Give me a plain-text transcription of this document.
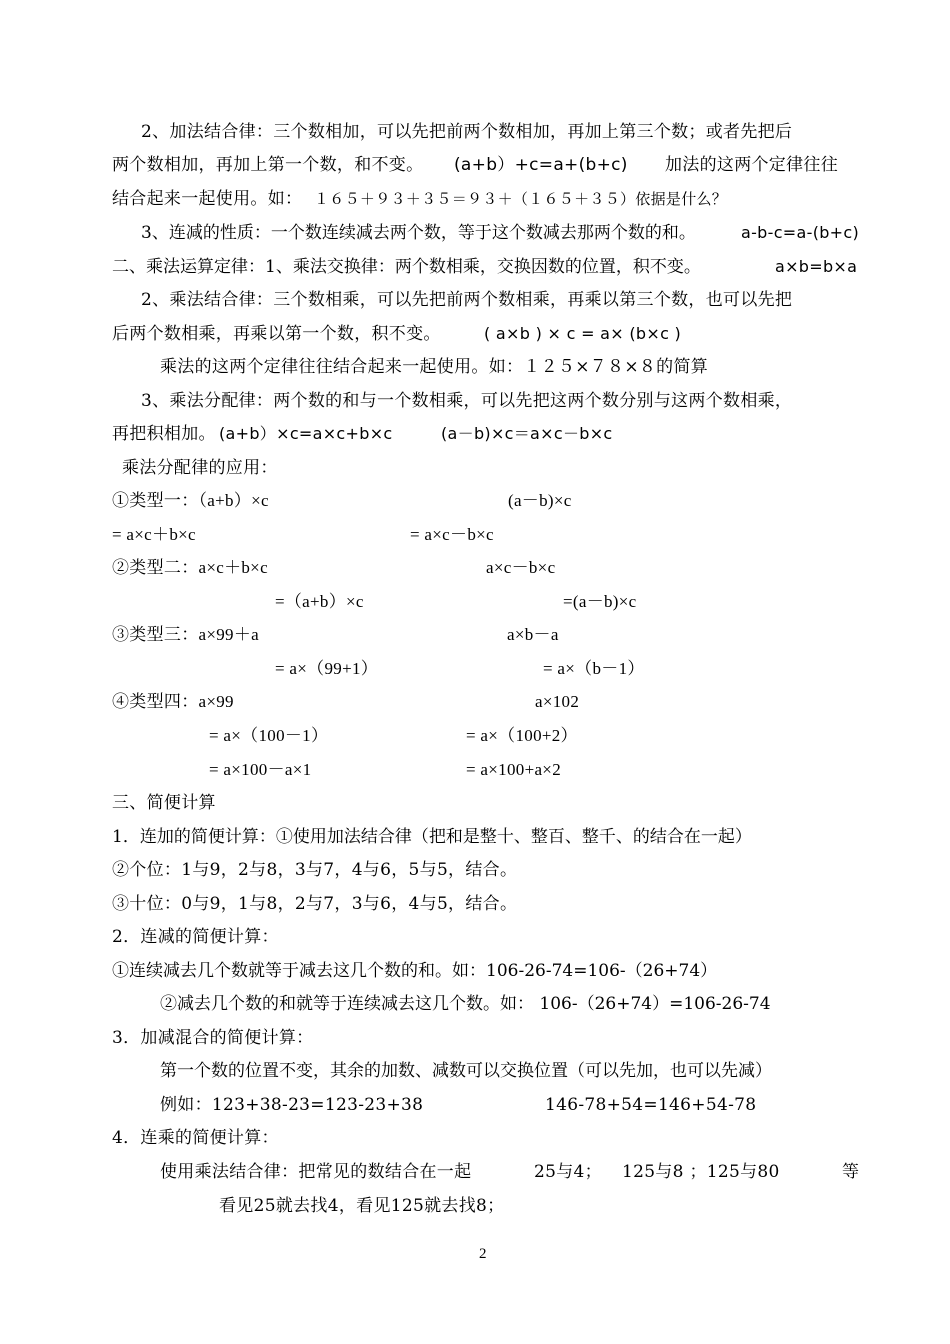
2、加法结合律：三个数相加，可以先把前两个数相加，再加上第三个数；或者先把后
两个数相加，再加上第一个数，和不变。 (a+b）+c=a+(b+c) 加法的这两个定律往往
结合起来一起使用。如： １６５＋９３＋３５＝９３＋（１６５＋３５）依据是什么？
3、连减的性质：一个数连续减去两个数，等于这个数减去那两个数的和。	a-b-c=a-(b+c)
二、乘法运算定律：1、乘法交换律：两个数相乘，交换因数的位置，积不变。	a×b=b×a
2、乘法结合律：三个数相乘，可以先把前两个数相乘，再乘以第三个数，也可以先把
后两个数相乘，再乘以第一个数，积不变。	( a×b ) × c = a× (b×c )
乘法的这两个定律往往结合起来一起使用。如：１２５×７８×８的简算
3、乘法分配律：两个数的和与一个数相乘，可以先把这两个数分别与这两个数相乘，
再把积相加。 (a+b）×c=a×c+b×c	(a－b)×c＝a×c－b×c
乘法分配律的应用：
①类型一：（a+b）×c	(a－b)×c
= a×c＋b×c	= a×c－b×c
②类型二：a×c＋b×c	a×c－b×c
=（a+b）×c	=(a－b)×c
③类型三：a×99＋a	a×b－a
= a×（99+1）	= a×（b－1）
④类型四：a×99	a×102
= a×（100－1）	= a×（100+2）
= a×100－a×1	= a×100+a×2
三、简便计算
1．连加的简便计算：①使用加法结合律（把和是整十、整百、整千、的结合在一起）
②个位：1与9，2与8，3与7，4与6，5与5，结合。
③十位：0与9，1与8，2与7，3与6，4与5，结合。
2．连减的简便计算：
①连续减去几个数就等于减去这几个数的和。如：106-26-74=106-（26+74）
②减去几个数的和就等于连续减去这几个数。如： 106-（26+74）=106-26-74
3．加减混合的简便计算：
第一个数的位置不变，其余的加数、减数可以交换位置（可以先加，也可以先减）
例如：123+38-23=123-23+38	146-78+54=146+54-78
4．连乘的简便计算：
使用乘法结合律：把常见的数结合在一起	25与4； 125与8 ；125与80	等
看见25就去找4，看见125就去找8；
2
